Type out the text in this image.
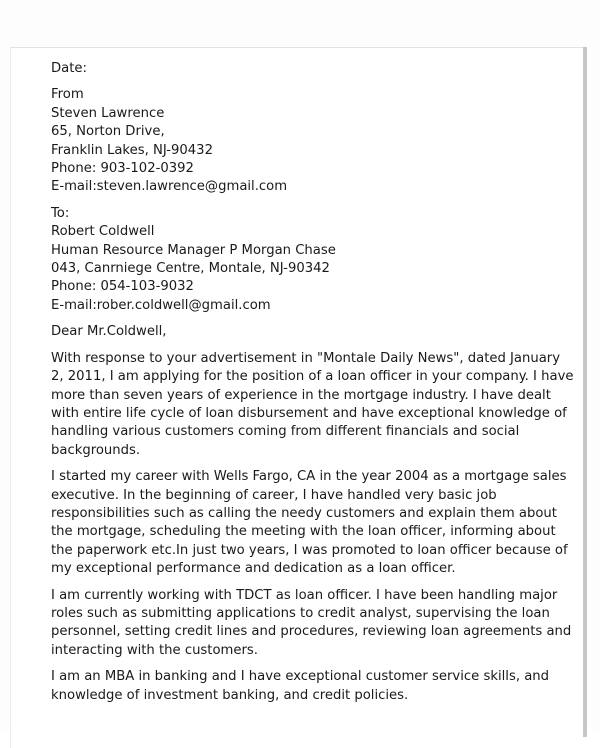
Date:
From
Steven Lawrence
65, Norton Drive,
Franklin Lakes, NJ-90432
Phone: 903-102-0392
E-mail:steven.lawrence@gmail.com
To:
Robert Coldwell
Human Resource Manager P Morgan Chase
043, Canrniege Centre, Montale, NJ-90342
Phone: 054-103-9032
E-mail:rober.coldwell@gmail.com
Dear Mr.Coldwell,
With response to your advertisement in "Montale Daily News", dated January
2, 2011, I am applying for the position of a loan officer in your company. I have
more than seven years of experience in the mortgage industry. I have dealt
with entire life cycle of loan disbursement and have exceptional knowledge of
handling various customers coming from different financials and social
backgrounds.
I started my career with Wells Fargo, CA in the year 2004 as a mortgage sales
executive. In the beginning of career, I have handled very basic job
responsibilities such as calling the needy customers and explain them about
the mortgage, scheduling the meeting with the loan officer, informing about
the paperwork etc.In just two years, I was promoted to loan officer because of
my exceptional performance and dedication as a loan officer.
I am currently working with TDCT as loan officer. I have been handling major
roles such as submitting applications to credit analyst, supervising the loan
personnel, setting credit lines and procedures, reviewing loan agreements and
interacting with the customers.
I am an MBA in banking and I have exceptional customer service skills, and
knowledge of investment banking, and credit policies.
